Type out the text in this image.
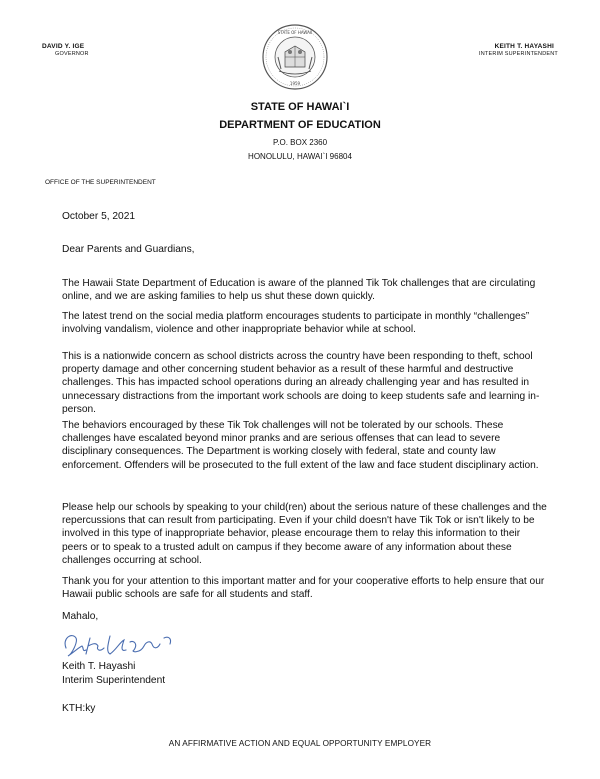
DAVID Y. IGE
GOVERNOR
STATE OF HAWAII
1959
KEITH T. HAYASHI
INTERIM SUPERINTENDENT
STATE OF HAWAI`I
DEPARTMENT OF EDUCATION
P.O. BOX 2360
HONOLULU, HAWAI`I 96804
OFFICE OF THE SUPERINTENDENT
October 5, 2021
Dear Parents and Guardians,

The Hawaii State Department of Education is aware of the planned Tik Tok challenges that are circulating online, and we are asking families to help us shut these down quickly.

The latest trend on the social media platform encourages students to participate in monthly “challenges” involving vandalism, violence and other inappropriate behavior while at school.

This is a nationwide concern as school districts across the country have been responding to theft, school property damage and other concerning student behavior as a result of these harmful and destructive challenges. This has impacted school operations during an already challenging year and has resulted in unnecessary distractions from the important work schools are doing to keep students safe and learning in-person.

The behaviors encouraged by these Tik Tok challenges will not be tolerated by our schools. These challenges have escalated beyond minor pranks and are serious offenses that can lead to severe disciplinary consequences. The Department is working closely with federal, state and county law enforcement. Offenders will be prosecuted to the full extent of the law and face student disciplinary action.

Please help our schools by speaking to your child(ren) about the serious nature of these challenges and the repercussions that can result from participating. Even if your child doesn't have Tik Tok or isn't likely to be involved in this type of inappropriate behavior, please encourage them to relay this information to their peers or to speak to a trusted adult on campus if they become aware of any information about these challenges occurring at school.

Thank you for your attention to this important matter and for your cooperative efforts to help ensure that our Hawaii public schools are safe for all students and staff.

Mahalo,
Keith T. Hayashi
Interim Superintendent
KTH:ky
AN AFFIRMATIVE ACTION AND EQUAL OPPORTUNITY EMPLOYER
